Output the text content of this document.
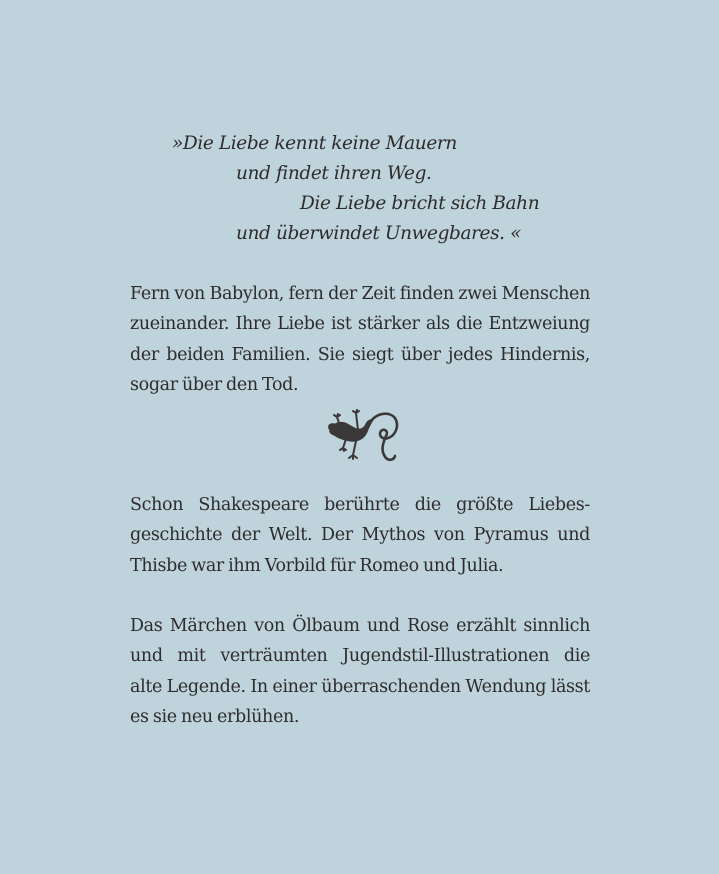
»Die Liebe kennt keine Mauern
und findet ihren Weg.
Die Liebe bricht sich Bahn
und überwindet Unwegbares. «
Fern von Babylon, fern der Zeit finden zwei Menschen
zueinander. Ihre Liebe ist stärker als die Entzweiung
der beiden Familien. Sie siegt über jedes Hindernis,
sogar über den Tod.
Schon Shakespeare berührte die größte Liebes-
geschichte der Welt. Der Mythos von Pyramus und
Thisbe war ihm Vorbild für Romeo und Julia.
Das Märchen von Ölbaum und Rose erzählt sinnlich
und mit verträumten Jugendstil-Illustrationen die
alte Legende. In einer überraschenden Wendung lässt
es sie neu erblühen.
